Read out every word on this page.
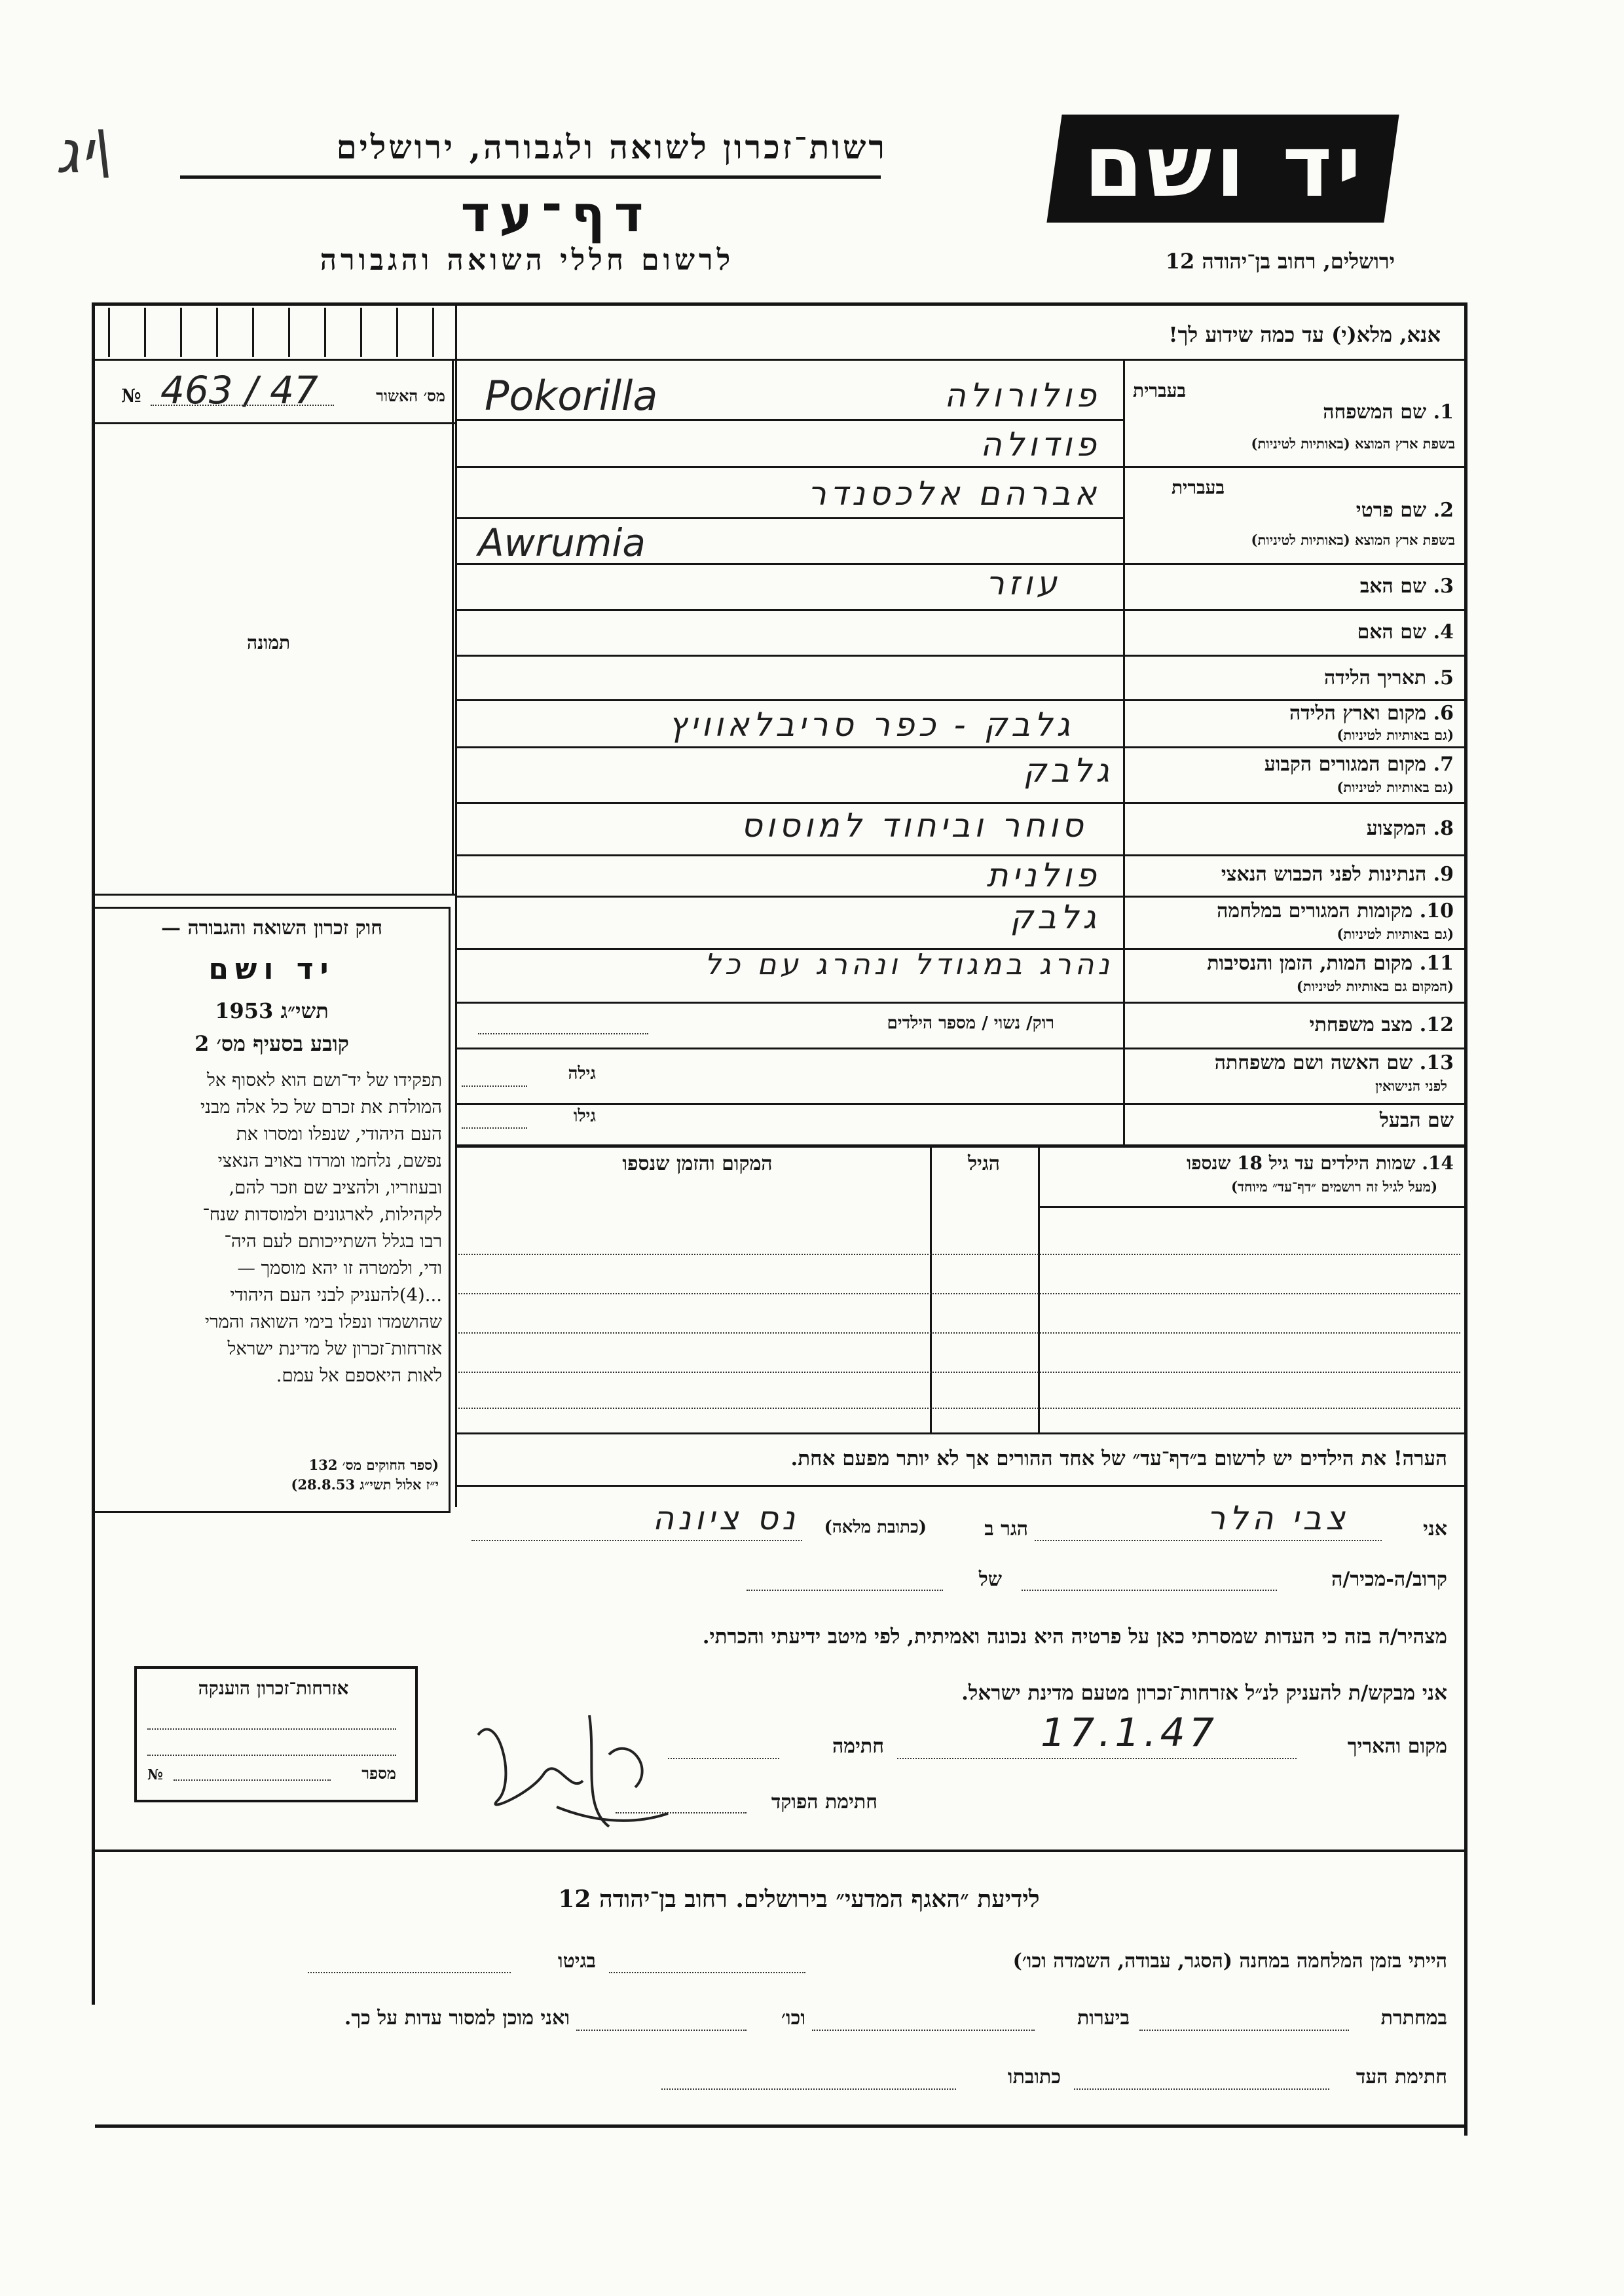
יג\	רשות־זכרון לשואה ולגבורה, ירושלים
דף־עד
לרשום חללי השואה והגבורה
יד ושם
ירושלים, רחוב בן־יהודה 12
אנא, מלא(י) עד כמה שידוע לך!
מס׳ האשור
№ 463 / 47
תמונה
חוק זכרון השואה והגבורה —
יד ושם
תשי״ג 1953
קובע בסעיף מס׳ 2
תפקידו של יד־ושם הוא לאסוף אל
המולדת את זכרם של כל אלה מבני
העם היהודי, שנפלו ומסרו את
נפשם, נלחמו ומרדו באויב הנאצי
ובעוזריו, ולהציב שם וזכר להם,
לקהילות, לארגונים ולמוסדות שנח־
רבו בגלל השתייכותם לעם היה־
ודי, ולמטרה זו יהא מוסמך —
...(4)להעניק לבני העם היהודי
שהושמדו ונפלו בימי השואה והמרי
אזרחות־זכרון של מדינת ישראל
לאות היאספם אל עמם.
(ספר החוקים מס׳ 132
י״ז אלול תשי״ג 28.8.53)
בעברית
1. שם המשפחה
בשפת ארץ המוצא (באותיות לטיניות)
פולורולה
Pokorilla
פודולה
בעברית
2. שם פרטי
בשפת ארץ המוצא (באותיות לטיניות)
אברהם אלכסנדר
Awrumia
3. שם האב
עוזר
4. שם האם
5. תאריך הלידה
6. מקום וארץ הלידה
(גם באותיות לטיניות)
גלבק - כפר סריבלאוויץ
7. מקום המגורים הקבוע
(גם באותיות לטיניות)
גלבק
8. המקצוע
סוחר וביחוד למוסוס
9. הנתינות לפני הכבוש הנאצי
פולנית
10. מקומות המגורים במלחמה
(גם באותיות לטיניות)
גלבק
11. מקום המות, הזמן והנסיבות
(המקום גם באותיות לטיניות)
נהרג במגודל ונהרג עם כל
12. מצב משפחתי
רוק/ נשוי / מספר הילדים
13. שם האשה ושם משפחתה
לפני הנישואין
גילה
שם הבעל
גילו
14. שמות הילדים עד גיל 18 שנספו
(מעל לגיל זה רושמים ״דף־עד״ מיוחד)
הגיל
המקום והזמן שנספו
הערה! את הילדים יש לרשום ב״דף־עד״ של אחד ההורים אך לא יותר מפעם אחת.
אני
צבי הלר
הגר ב
(כתובת מלאה)
נס ציונה
קרוב/ה-מכיר/ה
של
מצהיר/ה בזה כי העדות שמסרתי כאן על פרטיה היא נכונה ואמיתית, לפי מיטב ידיעתי והכרתי.
אני מבקש/ת להעניק לנ״ל אזרחות־זכרון מטעם מדינת ישראל.
מקום והאריך
17.1.47
חתימה
חתימת הפוקד
אזרחות־זכרון הוענקה
№	מספר
לידיעת ״האגף המדעי״ בירושלים. רחוב בן־יהודה 12
הייתי בזמן המלחמה במחנה (הסגר, עבודה, השמדה וכו׳)
בגיטו
במחתרת
ביערות
וכו׳
ואני מוכן למסור עדות על כך.
חתימת העד
כתובתו
